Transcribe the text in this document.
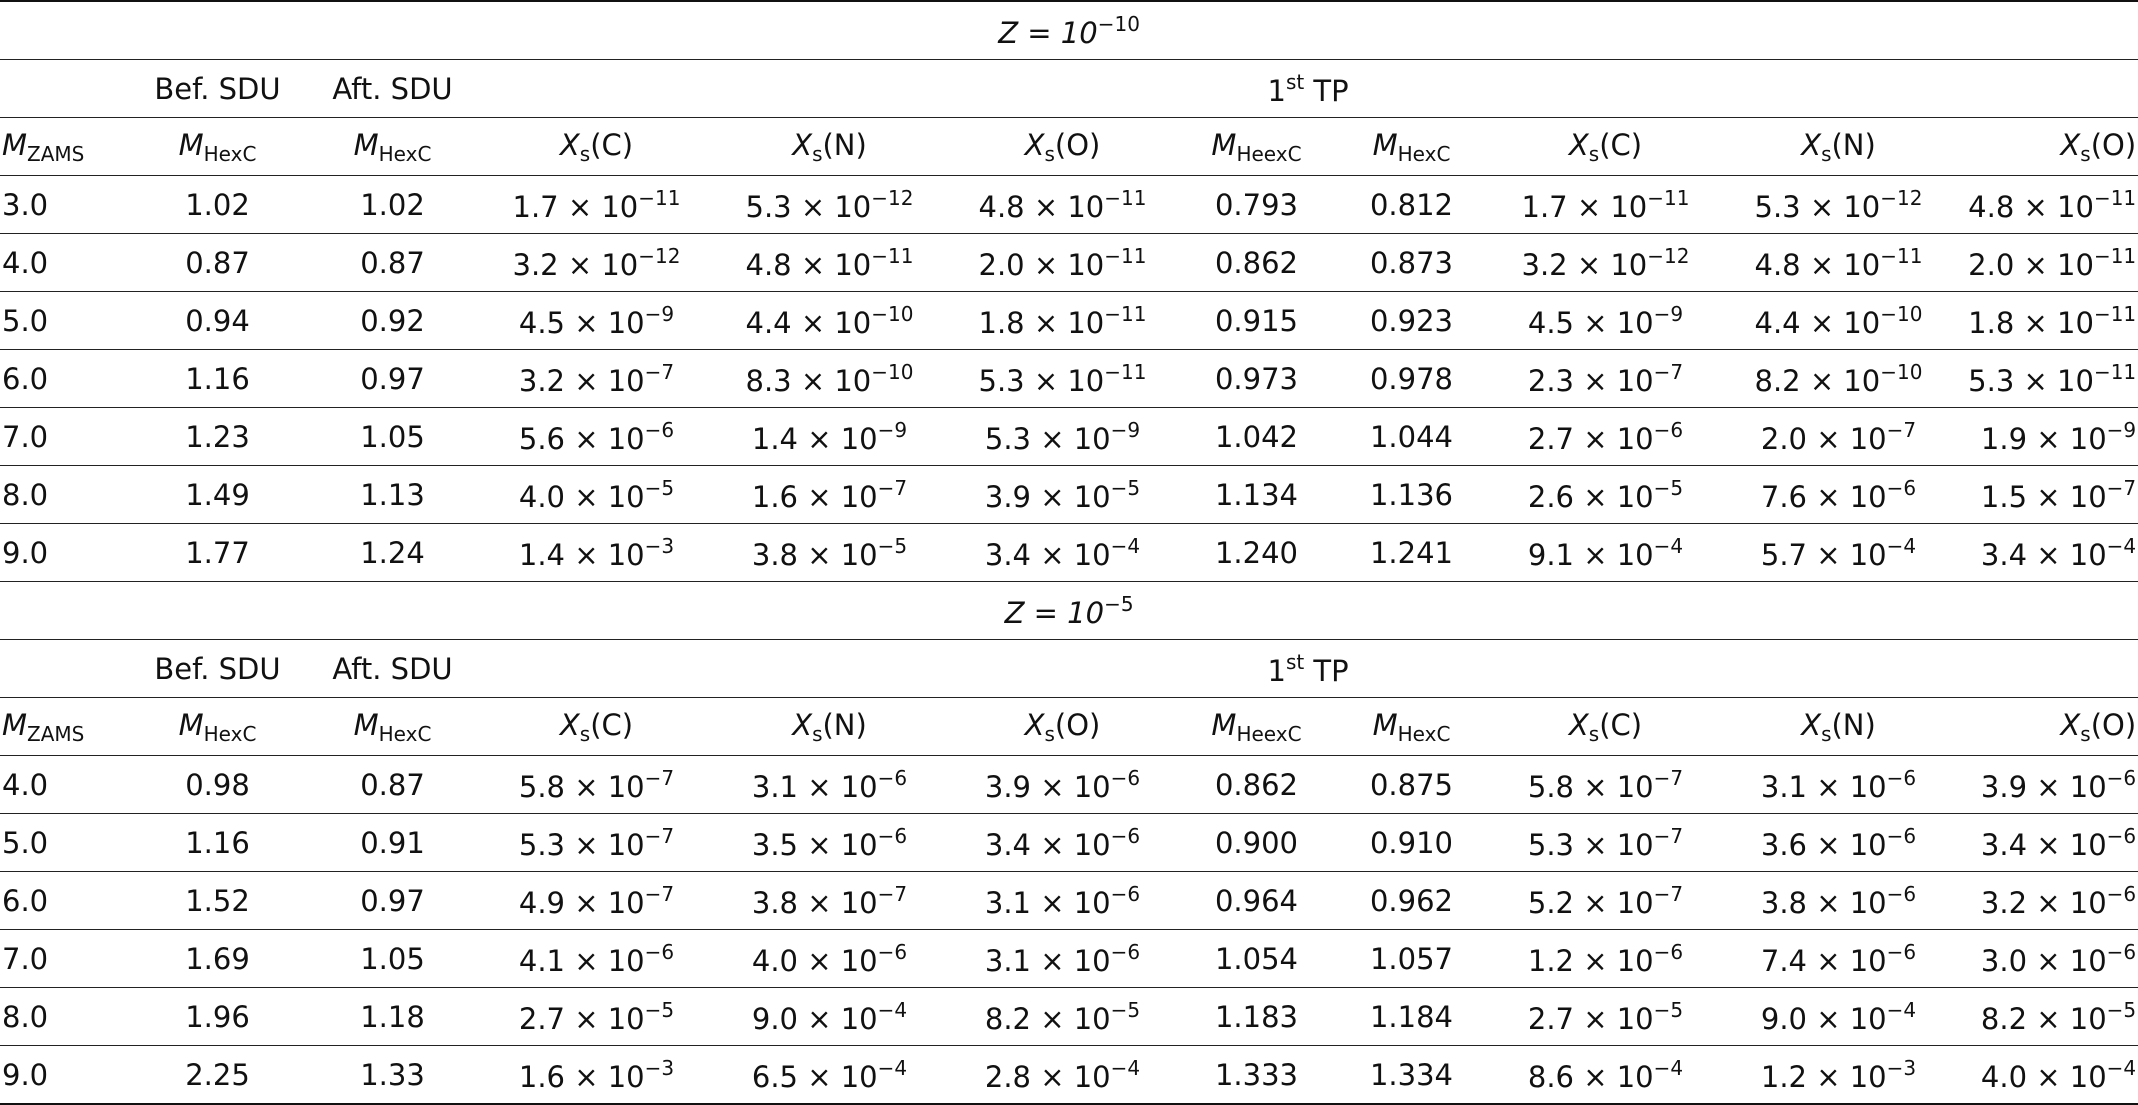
$Z = 10^{-10}$
	Bef. SDU	Aft. SDU	1st TP							
$M_{ZAMS}$	$M_{HexC}$	$M_{HexC}$	$X_s(C)$	$X_s(N)$	$X_s(O)$	$M_{HeexC}$	$M_{HexC}$	$X_s(C)$	$X_s(N)$	$X_s(O)$
3.0	1.02	1.02	$1.7 \times 10^{-11}$	$5.3 \times 10^{-12}$	$4.8 \times 10^{-11}$	0.793	0.812	$1.7 \times 10^{-11}$	$5.3 \times 10^{-12}$	$4.8 \times 10^{-11}$
4.0	0.87	0.87	$3.2 \times 10^{-12}$	$4.8 \times 10^{-11}$	$2.0 \times 10^{-11}$	0.862	0.873	$3.2 \times 10^{-12}$	$4.8 \times 10^{-11}$	$2.0 \times 10^{-11}$
5.0	0.94	0.92	$4.5 \times 10^{-9}$	$4.4 \times 10^{-10}$	$1.8 \times 10^{-11}$	0.915	0.923	$4.5 \times 10^{-9}$	$4.4 \times 10^{-10}$	$1.8 \times 10^{-11}$
6.0	1.16	0.97	$3.2 \times 10^{-7}$	$8.3 \times 10^{-10}$	$5.3 \times 10^{-11}$	0.973	0.978	$2.3 \times 10^{-7}$	$8.2 \times 10^{-10}$	$5.3 \times 10^{-11}$
7.0	1.23	1.05	$5.6 \times 10^{-6}$	$1.4 \times 10^{-9}$	$5.3 \times 10^{-9}$	1.042	1.044	$2.7 \times 10^{-6}$	$2.0 \times 10^{-7}$	$1.9 \times 10^{-9}$
8.0	1.49	1.13	$4.0 \times 10^{-5}$	$1.6 \times 10^{-7}$	$3.9 \times 10^{-5}$	1.134	1.136	$2.6 \times 10^{-5}$	$7.6 \times 10^{-6}$	$1.5 \times 10^{-7}$
9.0	1.77	1.24	$1.4 \times 10^{-3}$	$3.8 \times 10^{-5}$	$3.4 \times 10^{-4}$	1.240	1.241	$9.1 \times 10^{-4}$	$5.7 \times 10^{-4}$	$3.4 \times 10^{-4}$
$Z = 10^{-5}$
	Bef. SDU	Aft. SDU	1st TP							
$M_{ZAMS}$	$M_{HexC}$	$M_{HexC}$	$X_s(C)$	$X_s(N)$	$X_s(O)$	$M_{HeexC}$	$M_{HexC}$	$X_s(C)$	$X_s(N)$	$X_s(O)$
4.0	0.98	0.87	$5.8 \times 10^{-7}$	$3.1 \times 10^{-6}$	$3.9 \times 10^{-6}$	0.862	0.875	$5.8 \times 10^{-7}$	$3.1 \times 10^{-6}$	$3.9 \times 10^{-6}$
5.0	1.16	0.91	$5.3 \times 10^{-7}$	$3.5 \times 10^{-6}$	$3.4 \times 10^{-6}$	0.900	0.910	$5.3 \times 10^{-7}$	$3.6 \times 10^{-6}$	$3.4 \times 10^{-6}$
6.0	1.52	0.97	$4.9 \times 10^{-7}$	$3.8 \times 10^{-7}$	$3.1 \times 10^{-6}$	0.964	0.962	$5.2 \times 10^{-7}$	$3.8 \times 10^{-6}$	$3.2 \times 10^{-6}$
7.0	1.69	1.05	$4.1 \times 10^{-6}$	$4.0 \times 10^{-6}$	$3.1 \times 10^{-6}$	1.054	1.057	$1.2 \times 10^{-6}$	$7.4 \times 10^{-6}$	$3.0 \times 10^{-6}$
8.0	1.96	1.18	$2.7 \times 10^{-5}$	$9.0 \times 10^{-4}$	$8.2 \times 10^{-5}$	1.183	1.184	$2.7 \times 10^{-5}$	$9.0 \times 10^{-4}$	$8.2 \times 10^{-5}$
9.0	2.25	1.33	$1.6 \times 10^{-3}$	$6.5 \times 10^{-4}$	$2.8 \times 10^{-4}$	1.333	1.334	$8.6 \times 10^{-4}$	$1.2 \times 10^{-3}$	$4.0 \times 10^{-4}$
